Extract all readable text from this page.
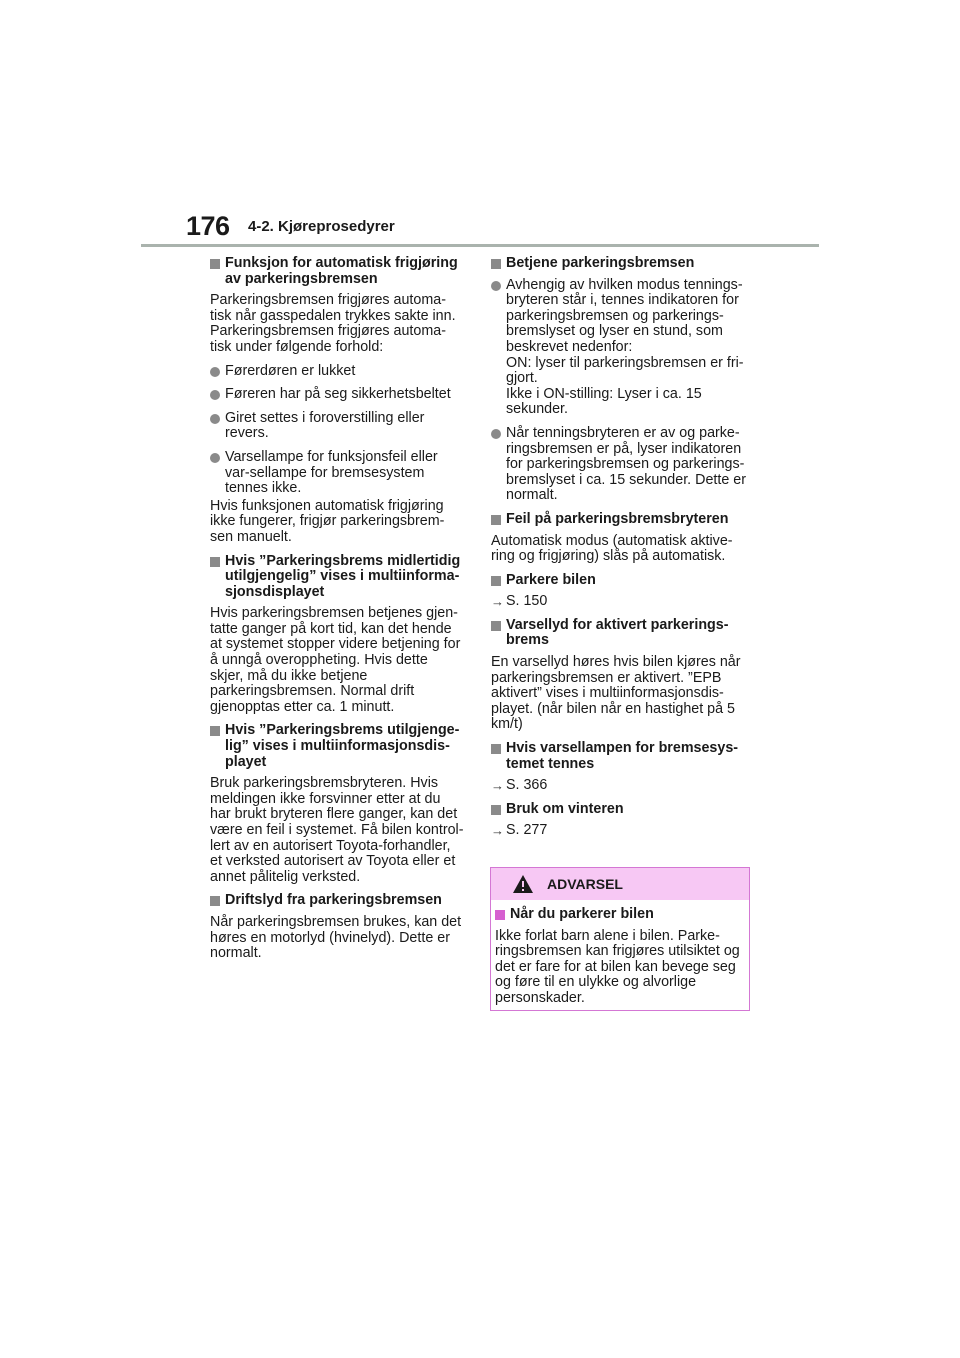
176 4-2. Kjøreprosedyrer
Funksjon for automatisk frigjøring av parkeringsbremsen
Parkeringsbremsen frigjøres automa-tisk når gasspedalen trykkes sakte inn. Parkeringsbremsen frigjøres automa-tisk under følgende forhold:
Førerdøren er lukket
Føreren har på seg sikkerhetsbeltet
Giret settes i foroverstilling eller revers.
Varsellampe for funksjonsfeil eller var-sellampe for bremsesystem tennes ikke.
Hvis funksjonen automatisk frigjøring ikke fungerer, frigjør parkeringsbrem-sen manuelt.
Hvis ”Parkeringsbrems midlertidig utilgjengelig” vises i multiinforma-sjonsdisplayet
Hvis parkeringsbremsen betjenes gjen-tatte ganger på kort tid, kan det hende at systemet stopper videre betjening for å unngå overoppheting. Hvis dette skjer, må du ikke betjene parkeringsbremsen. Normal drift gjenopptas etter ca. 1 minutt.
Hvis ”Parkeringsbrems utilgjenge-lig” vises i multiinformasjonsdis-playet
Bruk parkeringsbremsbryteren. Hvis meldingen ikke forsvinner etter at du har brukt bryteren flere ganger, kan det være en feil i systemet. Få bilen kontrol-lert av en autorisert Toyota-forhandler, et verksted autorisert av Toyota eller et annet pålitelig verksted.
Driftslyd fra parkeringsbremsen
Når parkeringsbremsen brukes, kan det høres en motorlyd (hvinelyd). Dette er normalt.
Betjene parkeringsbremsen
Avhengig av hvilken modus tennings-bryteren står i, tennes indikatoren for parkeringsbremsen og parkerings-bremslyset og lyser en stund, som beskrevet nedenfor:
ON: lyser til parkeringsbremsen er fri-gjort.
Ikke i ON-stilling: Lyser i ca. 15 sekunder.
Når tenningsbryteren er av og parke-ringsbremsen er på, lyser indikatoren for parkeringsbremsen og parkerings-bremslyset i ca. 15 sekunder. Dette er normalt.
Feil på parkeringsbremsbryteren
Automatisk modus (automatisk aktive-ring og frigjøring) slås på automatisk.
Parkere bilen
→ S. 150
Varsellyd for aktivert parkerings-brems
En varsellyd høres hvis bilen kjøres når parkeringsbremsen er aktivert. ”EPB aktivert” vises i multiinformasjonsdis-playet. (når bilen når en hastighet på 5 km/t)
Hvis varsellampen for bremsesys-temet tennes
→ S. 366
Bruk om vinteren
→ S. 277
ADVARSEL
Når du parkerer bilen
Ikke forlat barn alene i bilen. Parke-ringsbremsen kan frigjøres utilsiktet og det er fare for at bilen kan bevege seg og føre til en ulykke og alvorlige personskader.
